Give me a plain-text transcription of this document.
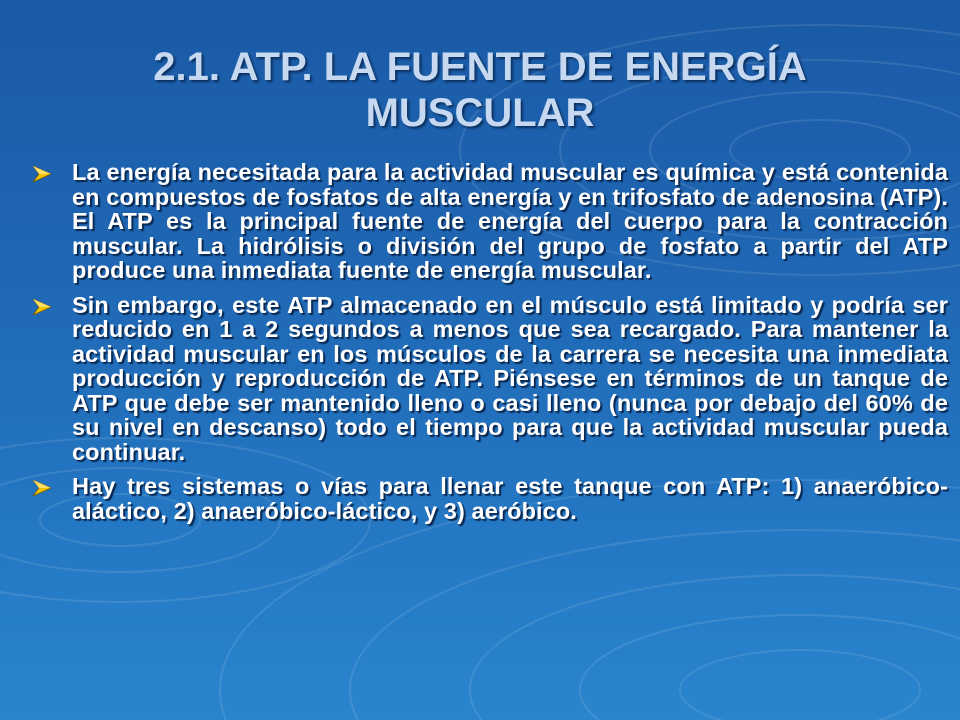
2.1. ATP. LA FUENTE DE ENERGÍA
MUSCULAR
La energía necesitada para la actividad muscular es química y está contenida en compuestos de fosfatos de alta energía y en trifosfato de adenosina (ATP). El ATP es la principal fuente de energía del cuerpo para la contracción muscular. La hidrólisis o división del grupo de fosfato a partir del ATP produce una inmediata fuente de energía muscular.
Sin embargo, este ATP almacenado en el músculo está limitado y podría ser reducido en 1 a 2 segundos a menos que sea recargado. Para mantener la actividad muscular en los músculos de la carrera se necesita una inmediata producción y reproducción de ATP. Piénsese en términos de un tanque de ATP que debe ser mantenido lleno o casi lleno (nunca por debajo del 60% de su nivel en descanso) todo el tiempo para que la actividad muscular pueda continuar.
Hay tres sistemas o vías para llenar este tanque con ATP: 1) anaeróbico-aláctico, 2) anaeróbico-láctico, y 3) aeróbico.
